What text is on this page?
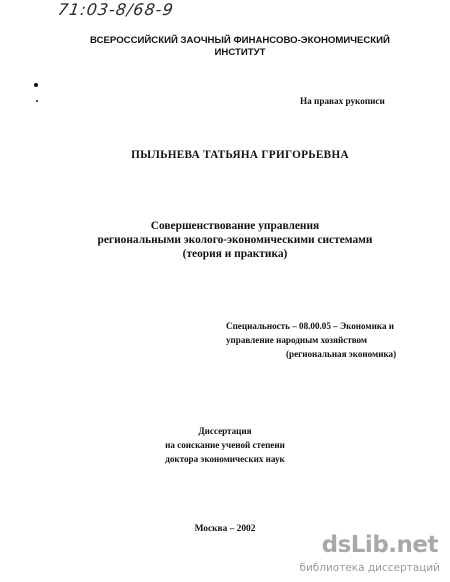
71:03-8/68-9
ВСЕРОССИЙСКИЙ ЗАОЧНЫЙ ФИНАНСОВО-ЭКОНОМИЧЕСКИЙ
ИНСТИТУТ
На правах рукописи
ПЫЛЬНЕВА ТАТЬЯНА ГРИГОРЬЕВНА
Совершенствование управления
региональными эколого-экономическими системами
(теория и практика)
Специальность – 08.00.05 – Экономика и
управление народным хозяйством
(региональная экономика)
Диссертация
на соискание ученой степени
доктора экономических наук
Москва – 2002
dsLib.net
библиотека диссертаций
